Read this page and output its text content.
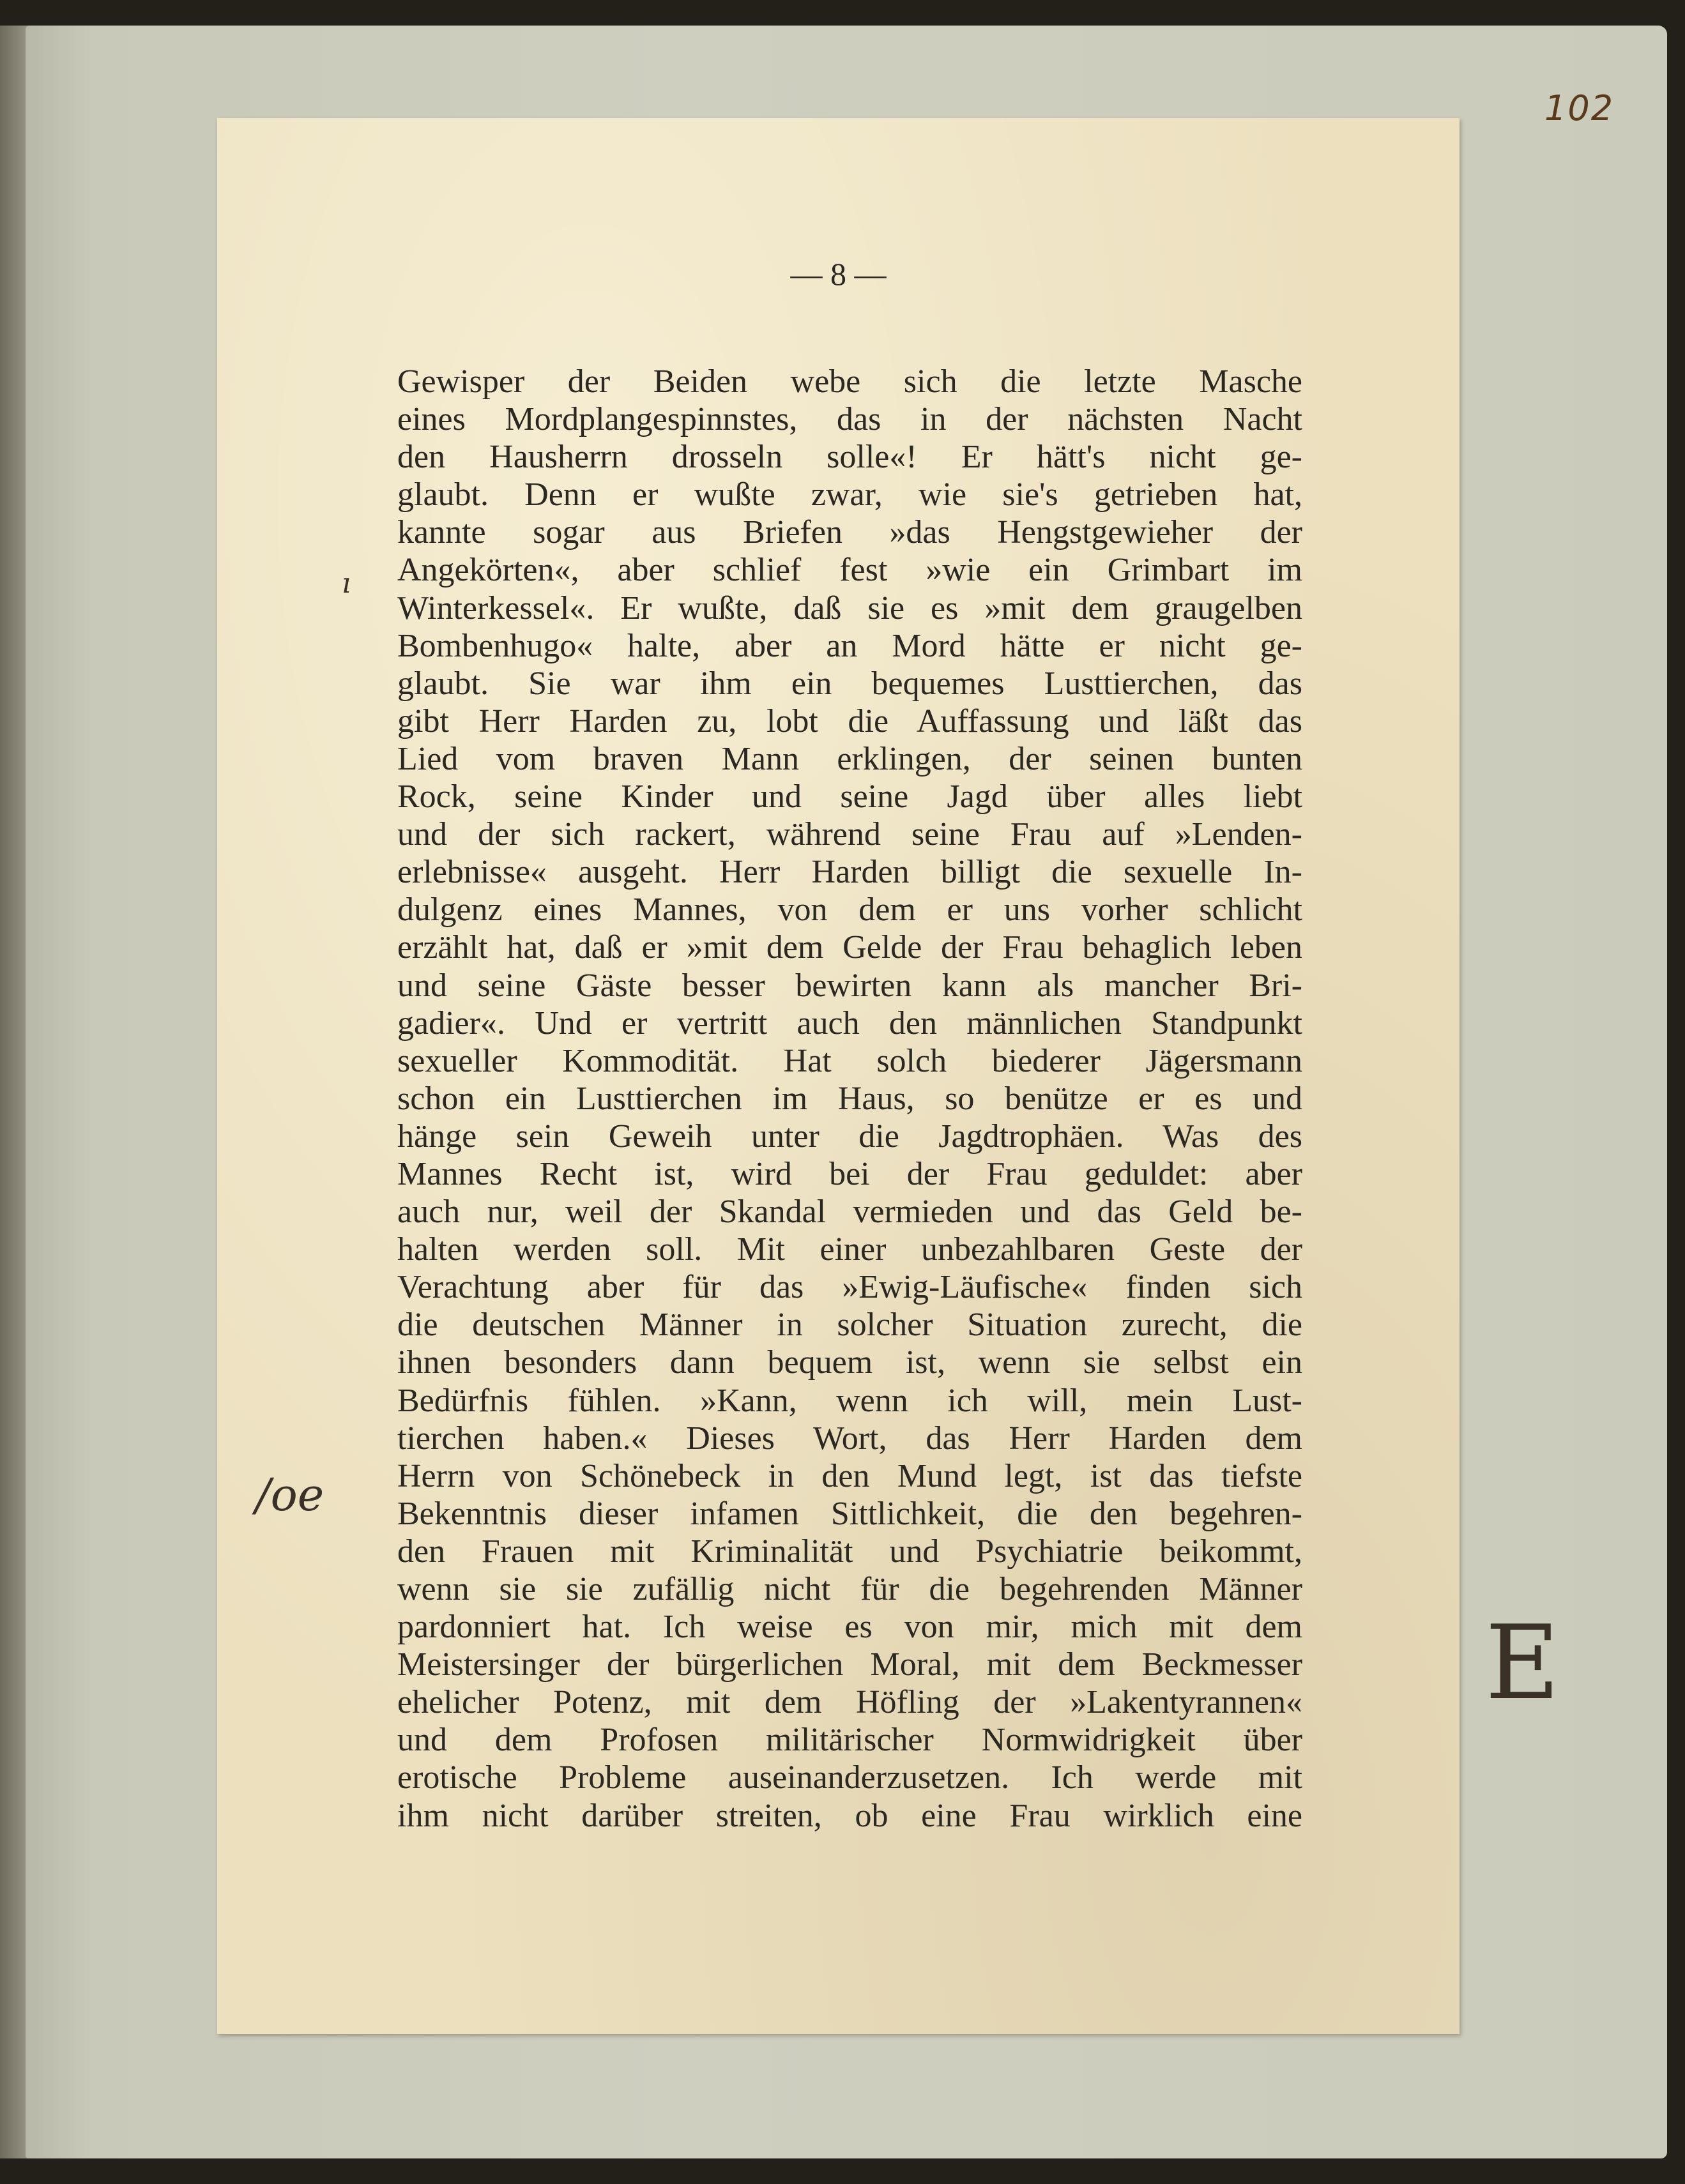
102
— 8 —
Gewisper der Beiden webe sich die letzte Masche
eines Mordplangespinnstes, das in der nächsten Nacht
den Hausherrn drosseln solle«! Er hätt's nicht ge-
glaubt. Denn er wußte zwar, wie sie's getrieben hat,
kannte sogar aus Briefen »das Hengstgewieher der
Angekörten«, aber schlief fest »wie ein Grimbart im
Winterkessel«. Er wußte, daß sie es »mit dem graugelben
Bombenhugo« halte, aber an Mord hätte er nicht ge-
glaubt. Sie war ihm ein bequemes Lusttierchen, das
gibt Herr Harden zu, lobt die Auffassung und läßt das
Lied vom braven Mann erklingen, der seinen bunten
Rock, seine Kinder und seine Jagd über alles liebt
und der sich rackert, während seine Frau auf »Lenden-
erlebnisse« ausgeht. Herr Harden billigt die sexuelle In-
dulgenz eines Mannes, von dem er uns vorher schlicht
erzählt hat, daß er »mit dem Gelde der Frau behaglich leben
und seine Gäste besser bewirten kann als mancher Bri-
gadier«. Und er vertritt auch den männlichen Standpunkt
sexueller Kommodität. Hat solch biederer Jägersmann
schon ein Lusttierchen im Haus, so benütze er es und
hänge sein Geweih unter die Jagdtrophäen. Was des
Mannes Recht ist, wird bei der Frau geduldet: aber
auch nur, weil der Skandal vermieden und das Geld be-
halten werden soll. Mit einer unbezahlbaren Geste der
Verachtung aber für das »Ewig-Läufische« finden sich
die deutschen Männer in solcher Situation zurecht, die
ihnen besonders dann bequem ist, wenn sie selbst ein
Bedürfnis fühlen. »Kann, wenn ich will, mein Lust-
tierchen haben.« Dieses Wort, das Herr Harden dem
Herrn von Schönebeck in den Mund legt, ist das tiefste
Bekenntnis dieser infamen Sittlichkeit, die den begehren-
den Frauen mit Kriminalität und Psychiatrie beikommt,
wenn sie sie zufällig nicht für die begehrenden Männer
pardonniert hat. Ich weise es von mir, mich mit dem
Meistersinger der bürgerlichen Moral, mit dem Beckmesser
ehelicher Potenz, mit dem Höfling der »Lakentyrannen«
und dem Profosen militärischer Normwidrigkeit über
erotische Probleme auseinanderzusetzen. Ich werde mit
ihm nicht darüber streiten, ob eine Frau wirklich eine
ı
/oe
E
